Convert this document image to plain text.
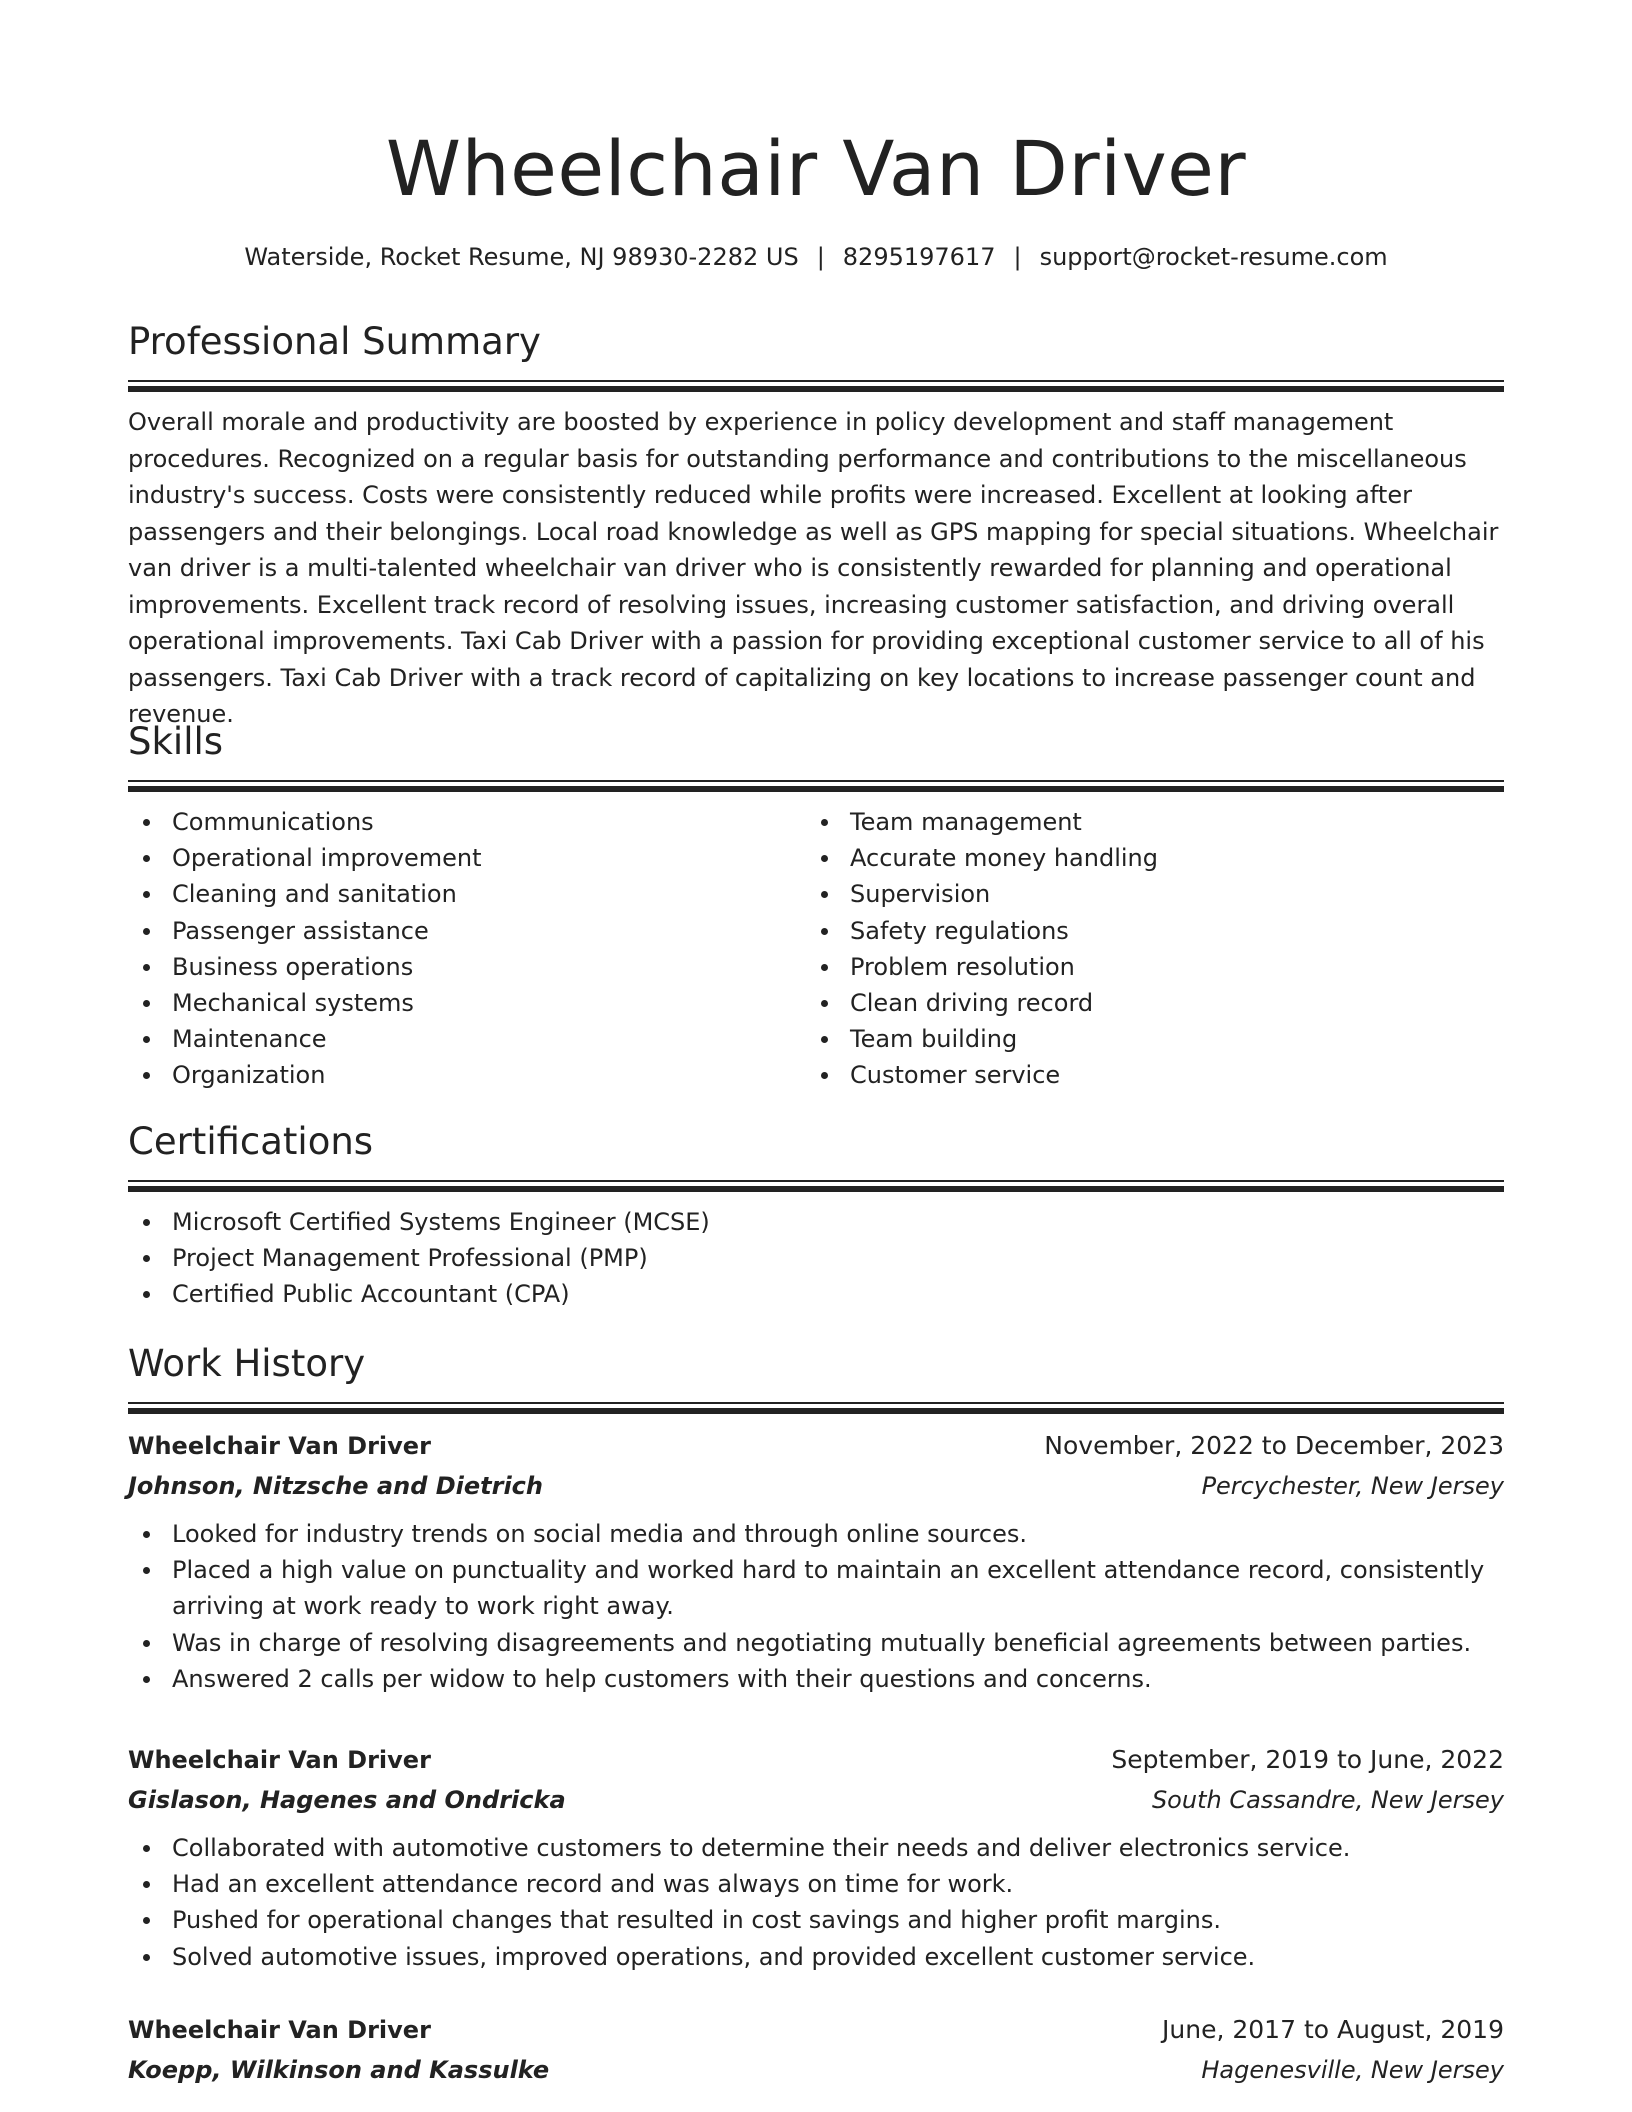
Wheelchair Van Driver
Waterside, Rocket Resume, NJ 98930-2282 US | 8295197617 | support@rocket-resume.com
Professional Summary
Overall morale and productivity are boosted by experience in policy development and staff management procedures. Recognized on a regular basis for outstanding performance and contributions to the miscellaneous industry's success. Costs were consistently reduced while profits were increased. Excellent at looking after passengers and their belongings. Local road knowledge as well as GPS mapping for special situations. Wheelchair van driver is a multi-talented wheelchair van driver who is consistently rewarded for planning and operational improvements. Excellent track record of resolving issues, increasing customer satisfaction, and driving overall operational improvements. Taxi Cab Driver with a passion for providing exceptional customer service to all of his passengers. Taxi Cab Driver with a track record of capitalizing on key locations to increase passenger count and revenue.
Skills
Communications
Operational improvement
Cleaning and sanitation
Passenger assistance
Business operations
Mechanical systems
Maintenance
Organization
Team management
Accurate money handling
Supervision
Safety regulations
Problem resolution
Clean driving record
Team building
Customer service
Certifications
Microsoft Certified Systems Engineer (MCSE)
Project Management Professional (PMP)
Certified Public Accountant (CPA)
Work History
Wheelchair Van Driver	November, 2022 to December, 2023
Johnson, Nitzsche and Dietrich	Percychester, New Jersey
Looked for industry trends on social media and through online sources.
Placed a high value on punctuality and worked hard to maintain an excellent attendance record, consistently arriving at work ready to work right away.
Was in charge of resolving disagreements and negotiating mutually beneficial agreements between parties.
Answered 2 calls per widow to help customers with their questions and concerns.
Wheelchair Van Driver	September, 2019 to June, 2022
Gislason, Hagenes and Ondricka	South Cassandre, New Jersey
Collaborated with automotive customers to determine their needs and deliver electronics service.
Had an excellent attendance record and was always on time for work.
Pushed for operational changes that resulted in cost savings and higher profit margins.
Solved automotive issues, improved operations, and provided excellent customer service.
Wheelchair Van Driver	June, 2017 to August, 2019
Koepp, Wilkinson and Kassulke	Hagenesville, New Jersey
